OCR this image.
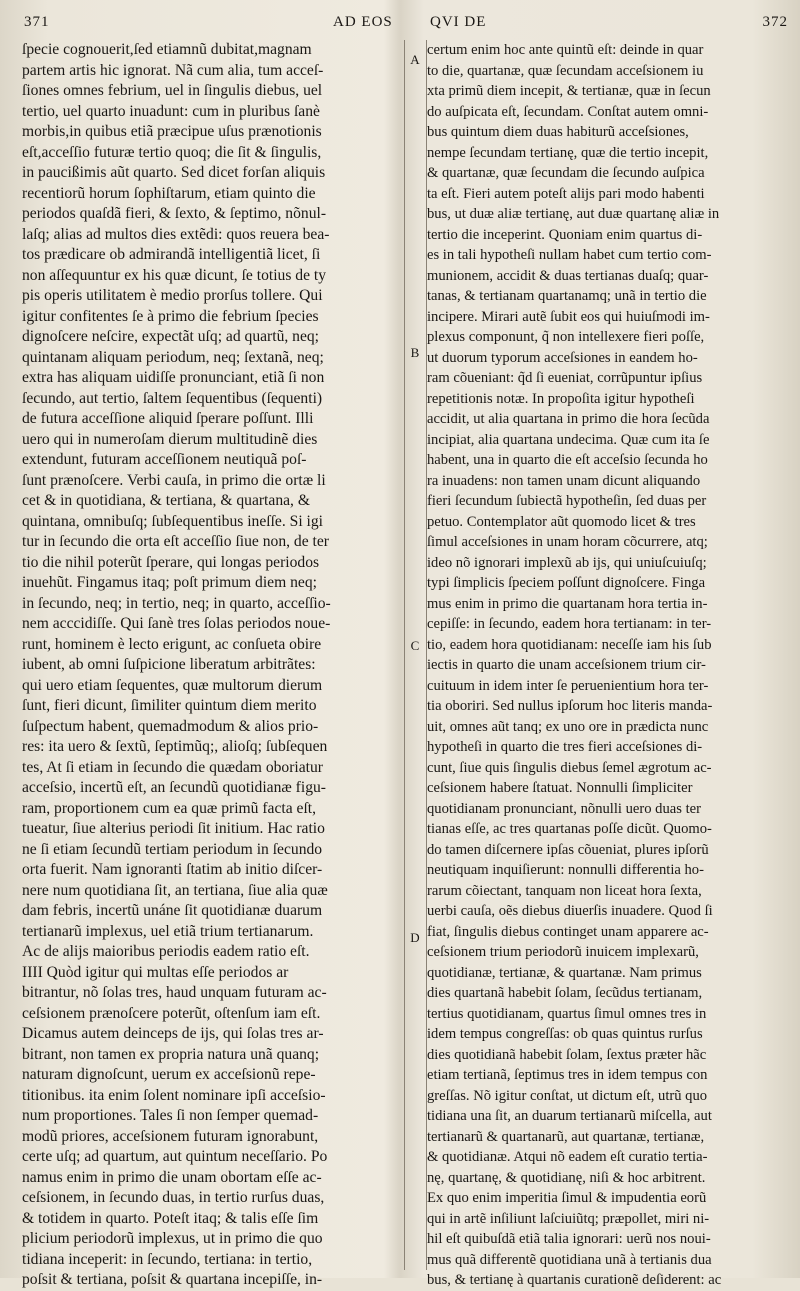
371	AD EOS QVI DE	372
ſpecie cognouerit,ſed etiamnũ dubitat,magnam
partem artis hic ignorat. Nã cum alia, tum acceſ-
ſiones omnes febrium, uel in ſingulis diebus, uel
tertio, uel quarto inuadunt: cum in pluribus ſanè
morbis,in quibus etiã præcipue uſus prænotionis
eſt,acceſſio futuræ tertio quoq; die ſit & ſingulis,
in paucißimis aũt quarto. Sed dicet forſan aliquis
recentiorũ horum ſophiſtarum, etiam quinto die
periodos quaſdã fieri, & ſexto, & ſeptimo, nõnul-
laſq; alias ad multos dies extẽdi: quos reuera bea-
tos prædicare ob admirandã intelligentiã licet, ſi
non aſſequuntur ex his quæ dicunt, ſe totius de ty
pis operis utilitatem è medio prorſus tollere. Qui
igitur confitentes ſe à primo die febrium ſpecies
dignoſcere neſcire, expectãt uſq; ad quartũ, neq;
quintanam aliquam periodum, neq; ſextanã, neq;
extra has aliquam uidiſſe pronunciant, etiã ſi non
ſecundo, aut tertio, ſaltem ſequentibus (ſequenti)
de futura acceſſione aliquid ſperare poſſunt. Illi
uero qui in numeroſam dierum multitudinẽ dies
extendunt, futuram acceſſionem neutiquã poſ-
ſunt prænoſcere. Verbi cauſa, in primo die ortæ li
cet & in quotidiana, & tertiana, & quartana, &
quintana, omnibuſq; ſubſequentibus ineſſe. Si igi
tur in ſecundo die orta eſt acceſſio ſiue non, de ter
tio die nihil poterũt ſperare, qui longas periodos
inuehũt. Fingamus itaq; poſt primum diem neq;
in ſecundo, neq; in tertio, neq; in quarto, acceſſio-
nem acccidiſſe. Qui ſanè tres ſolas periodos noue-
runt, hominem è lecto erigunt, ac conſueta obire
iubent, ab omni ſuſpicione liberatum arbitrãtes:
qui uero etiam ſequentes, quæ multorum dierum
ſunt, fieri dicunt, ſimiliter quintum diem merito
ſuſpectum habent, quemadmodum & alios prio-
res: ita uero & ſextũ, ſeptimũq;, alioſq; ſubſequen
tes, At ſi etiam in ſecundo die quædam oboriatur
acceſsio, incertũ eſt, an ſecundũ quotidianæ figu-
ram, proportionem cum ea quæ primũ facta eſt,
tueatur, ſiue alterius periodi ſit initium. Hac ratio
ne ſi etiam ſecundũ tertiam periodum in ſecundo
orta fuerit. Nam ignoranti ſtatim ab initio diſcer-
nere num quotidiana ſit, an tertiana, ſiue alia quæ
dam febris, incertũ unáne ſit quotidianæ duarum
tertianarũ implexus, uel etiã trium tertianarum.
Ac de alijs maioribus periodis eadem ratio eſt.
IIII Quòd igitur qui multas eſſe periodos ar
bitrantur, nõ ſolas tres, haud unquam futuram ac-
ceſsionem prænoſcere poterũt, oſtenſum iam eſt.
Dicamus autem deinceps de ijs, qui ſolas tres ar-
bitrant, non tamen ex propria natura unã quanq;
naturam dignoſcunt, uerum ex acceſsionũ repe-
titionibus. ita enim ſolent nominare ipſi acceſsio-
num proportiones. Tales ſi non ſemper quemad-
modũ priores, acceſsionem futuram ignorabunt,
certe uſq; ad quartum, aut quintum neceſſario. Po
namus enim in primo die unam obortam eſſe ac-
ceſsionem, in ſecundo duas, in tertio rurſus duas,
& totidem in quarto. Poteſt itaq; & talis eſſe ſim
plicium periodorũ implexus, ut in primo die quo
tidiana inceperit: in ſecundo, tertiana: in tertio,
poſsit & tertiana, poſsit & quartana incepiſſe, in-
A
B
C
D
certum enim hoc ante quintũ eſt: deinde in quar
to die, quartanæ, quæ ſecundam acceſsionem iu
xta primũ diem incepit, & tertianæ, quæ in ſecun
do auſpicata eſt, ſecundam. Conſtat autem omni-
bus quintum diem duas habiturũ acceſsiones,
nempe ſecundam tertianę, quæ die tertio incepit,
& quartanæ, quæ ſecundam die ſecundo auſpica
ta eſt. Fieri autem poteſt alijs pari modo habenti
bus, ut duæ aliæ tertianę, aut duæ quartanę aliæ in
tertio die inceperint. Quoniam enim quartus di-
es in tali hypotheſi nullam habet cum tertio com-
munionem, accidit & duas tertianas duaſq; quar-
tanas, & tertianam quartanamq; unã in tertio die
incipere. Mirari autẽ ſubit eos qui huiuſmodi im-
plexus componunt, q̃ non intellexere fieri poſſe,
ut duorum typorum acceſsiones in eandem ho-
ram cõueniant: q̃d ſi eueniat, corrũpuntur ipſius
repetitionis notæ. In propoſita igitur hypotheſi
accidit, ut alia quartana in primo die hora ſecũda
incipiat, alia quartana undecima. Quæ cum ita ſe
habent, una in quarto die eſt acceſsio ſecunda ho
ra inuadens: non tamen unam dicunt aliquando
fieri ſecundum ſubiectã hypotheſin, ſed duas per
petuo. Contemplator aũt quomodo licet & tres
ſimul acceſsiones in unam horam cõcurrere, atq;
ideo nõ ignorari implexũ ab ijs, qui uniuſcuiuſq;
typi ſimplicis ſpeciem poſſunt dignoſcere. Finga
mus enim in primo die quartanam hora tertia in-
cepiſſe: in ſecundo, eadem hora tertianam: in ter-
tio, eadem hora quotidianam: neceſſe iam his ſub
iectis in quarto die unam acceſsionem trium cir-
cuituum in idem inter ſe peruenientium hora ter-
tia oboriri. Sed nullus ipſorum hoc literis manda-
uit, omnes aũt tanq; ex uno ore in prædicta nunc
hypotheſi in quarto die tres fieri acceſsiones di-
cunt, ſiue quis ſingulis diebus ſemel ægrotum ac-
ceſsionem habere ſtatuat. Nonnulli ſimpliciter
quotidianam pronunciant, nõnulli uero duas ter
tianas eſſe, ac tres quartanas poſſe dicũt. Quomo-
do tamen diſcernere ipſas cõueniat, plures ipſorũ
neutiquam inquiſierunt: nonnulli differentia ho-
rarum cõiectant, tanquam non liceat hora ſexta,
uerbi cauſa, oẽs diebus diuerſis inuadere. Quod ſi
fiat, ſingulis diebus continget unam apparere ac-
ceſsionem trium periodorũ inuicem implexarũ,
quotidianæ, tertianæ, & quartanæ. Nam primus
dies quartanã habebit ſolam, ſecũdus tertianam,
tertius quotidianam, quartus ſimul omnes tres in
idem tempus congreſſas: ob quas quintus rurſus
dies quotidianã habebit ſolam, ſextus præter hãc
etiam tertianã, ſeptimus tres in idem tempus con
greſſas. Nõ igitur conſtat, ut dictum eſt, utrũ quo
tidiana una ſit, an duarum tertianarũ miſcella, aut
tertianarũ & quartanarũ, aut quartanæ, tertianæ,
& quotidianæ. Atqui nõ eadem eſt curatio tertia-
nę, quartanę, & quotidianę, niſi & hoc arbitrent.
Ex quo enim imperitia ſimul & impudentia eorũ
qui in artẽ inſiliunt laſciuiũtq; præpollet, miri ni-
hil eſt quibuſdã etiã talia ignorari: uerũ nos noui-
mus quã differentẽ quotidiana unã à tertianis dua
bus, & tertianę à quartanis curationẽ deſiderent: ac
